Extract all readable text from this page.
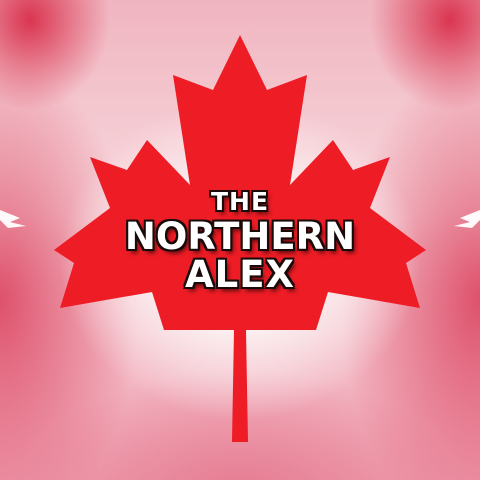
THE
NORTHERN
ALEX
